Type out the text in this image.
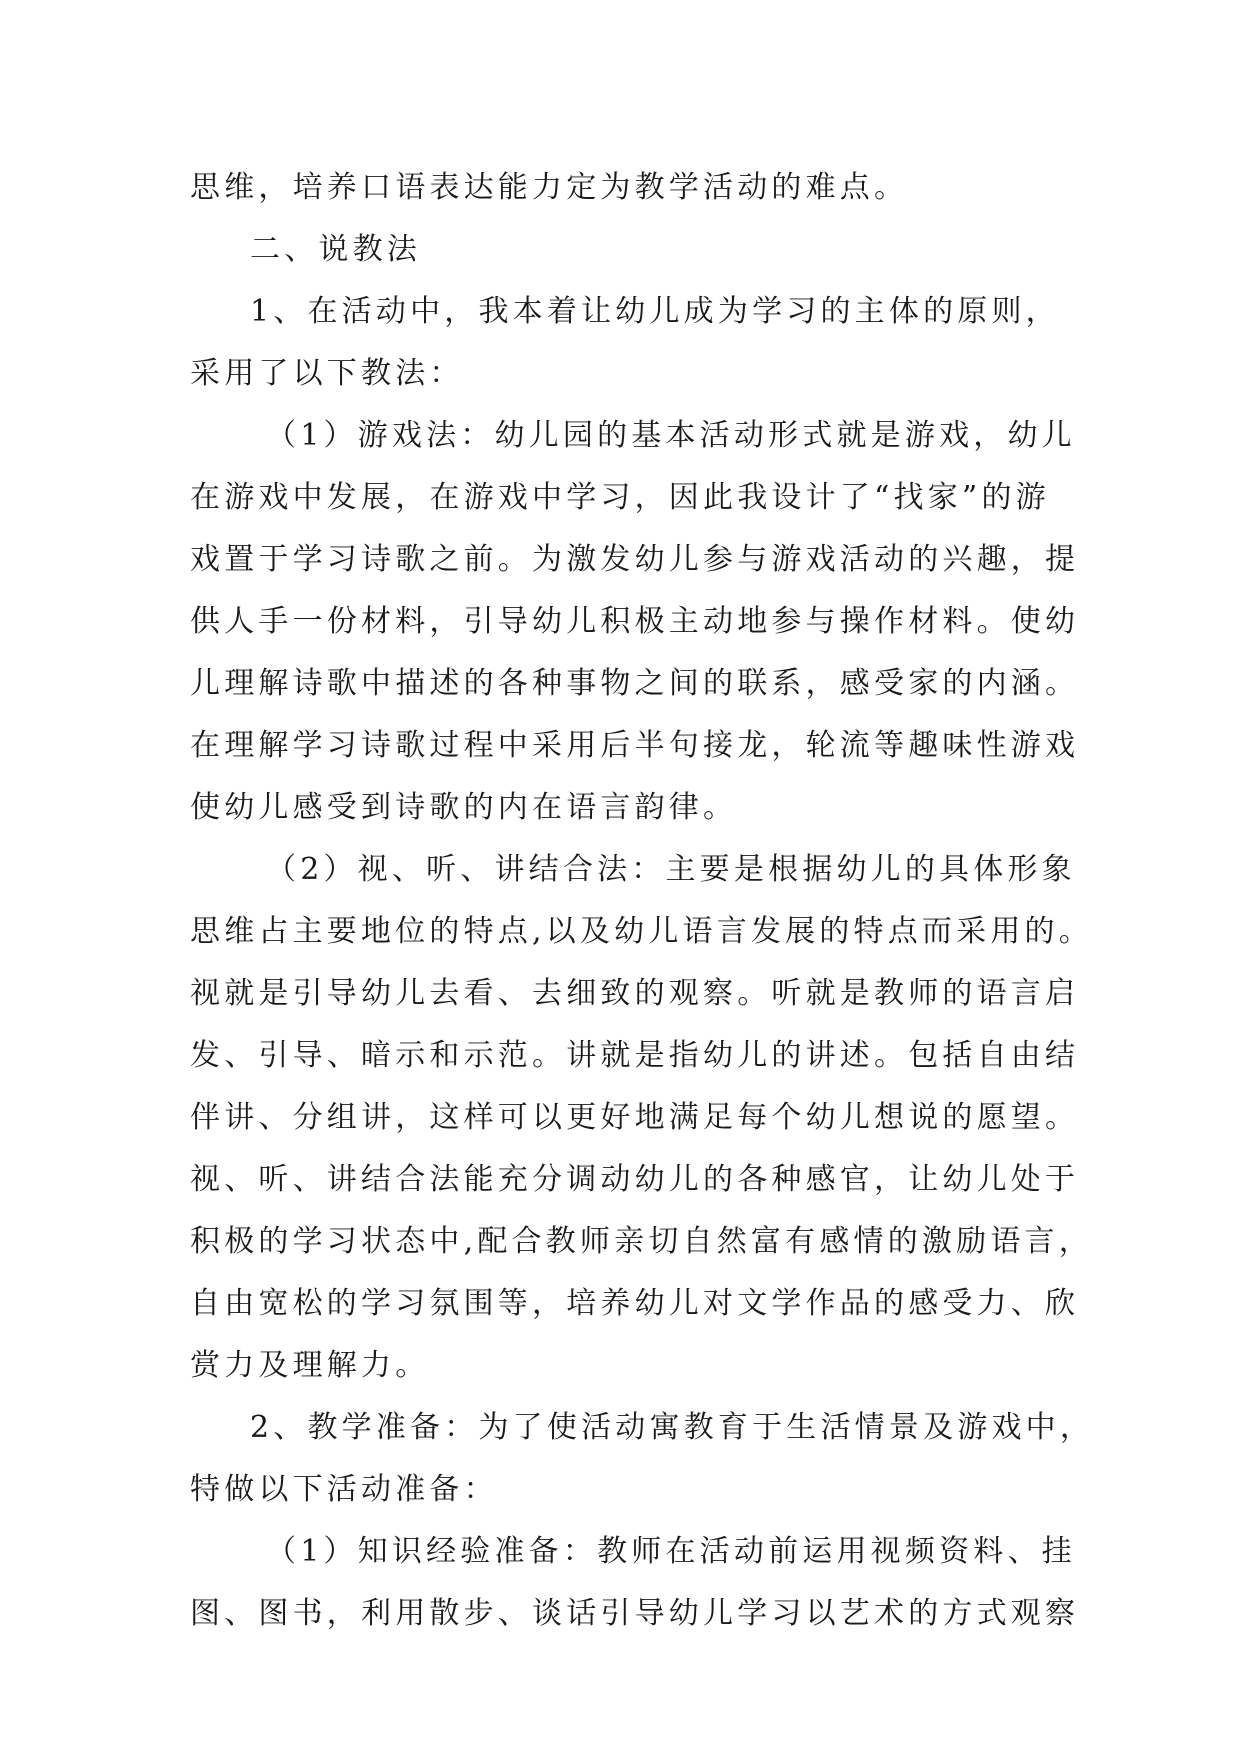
思维，培养口语表达能力定为教学活动的难点。
二、说教法
1、在活动中，我本着让幼儿成为学习的主体的原则，
采用了以下教法：
（1）游戏法：幼儿园的基本活动形式就是游戏，幼儿
在游戏中发展，在游戏中学习，因此我设计了“找家”的游
戏置于学习诗歌之前。为激发幼儿参与游戏活动的兴趣，提
供人手一份材料，引导幼儿积极主动地参与操作材料。使幼
儿理解诗歌中描述的各种事物之间的联系，感受家的内涵。
在理解学习诗歌过程中采用后半句接龙，轮流等趣味性游戏
使幼儿感受到诗歌的内在语言韵律。
（2）视、听、讲结合法：主要是根据幼儿的具体形象
思维占主要地位的特点,以及幼儿语言发展的特点而采用的。
视就是引导幼儿去看、去细致的观察。听就是教师的语言启
发、引导、暗示和示范。讲就是指幼儿的讲述。包括自由结
伴讲、分组讲，这样可以更好地满足每个幼儿想说的愿望。
视、听、讲结合法能充分调动幼儿的各种感官，让幼儿处于
积极的学习状态中,配合教师亲切自然富有感情的激励语言，
自由宽松的学习氛围等，培养幼儿对文学作品的感受力、欣
赏力及理解力。
2、教学准备：为了使活动寓教育于生活情景及游戏中，
特做以下活动准备：
（1）知识经验准备：教师在活动前运用视频资料、挂
图、图书，利用散步、谈话引导幼儿学习以艺术的方式观察
